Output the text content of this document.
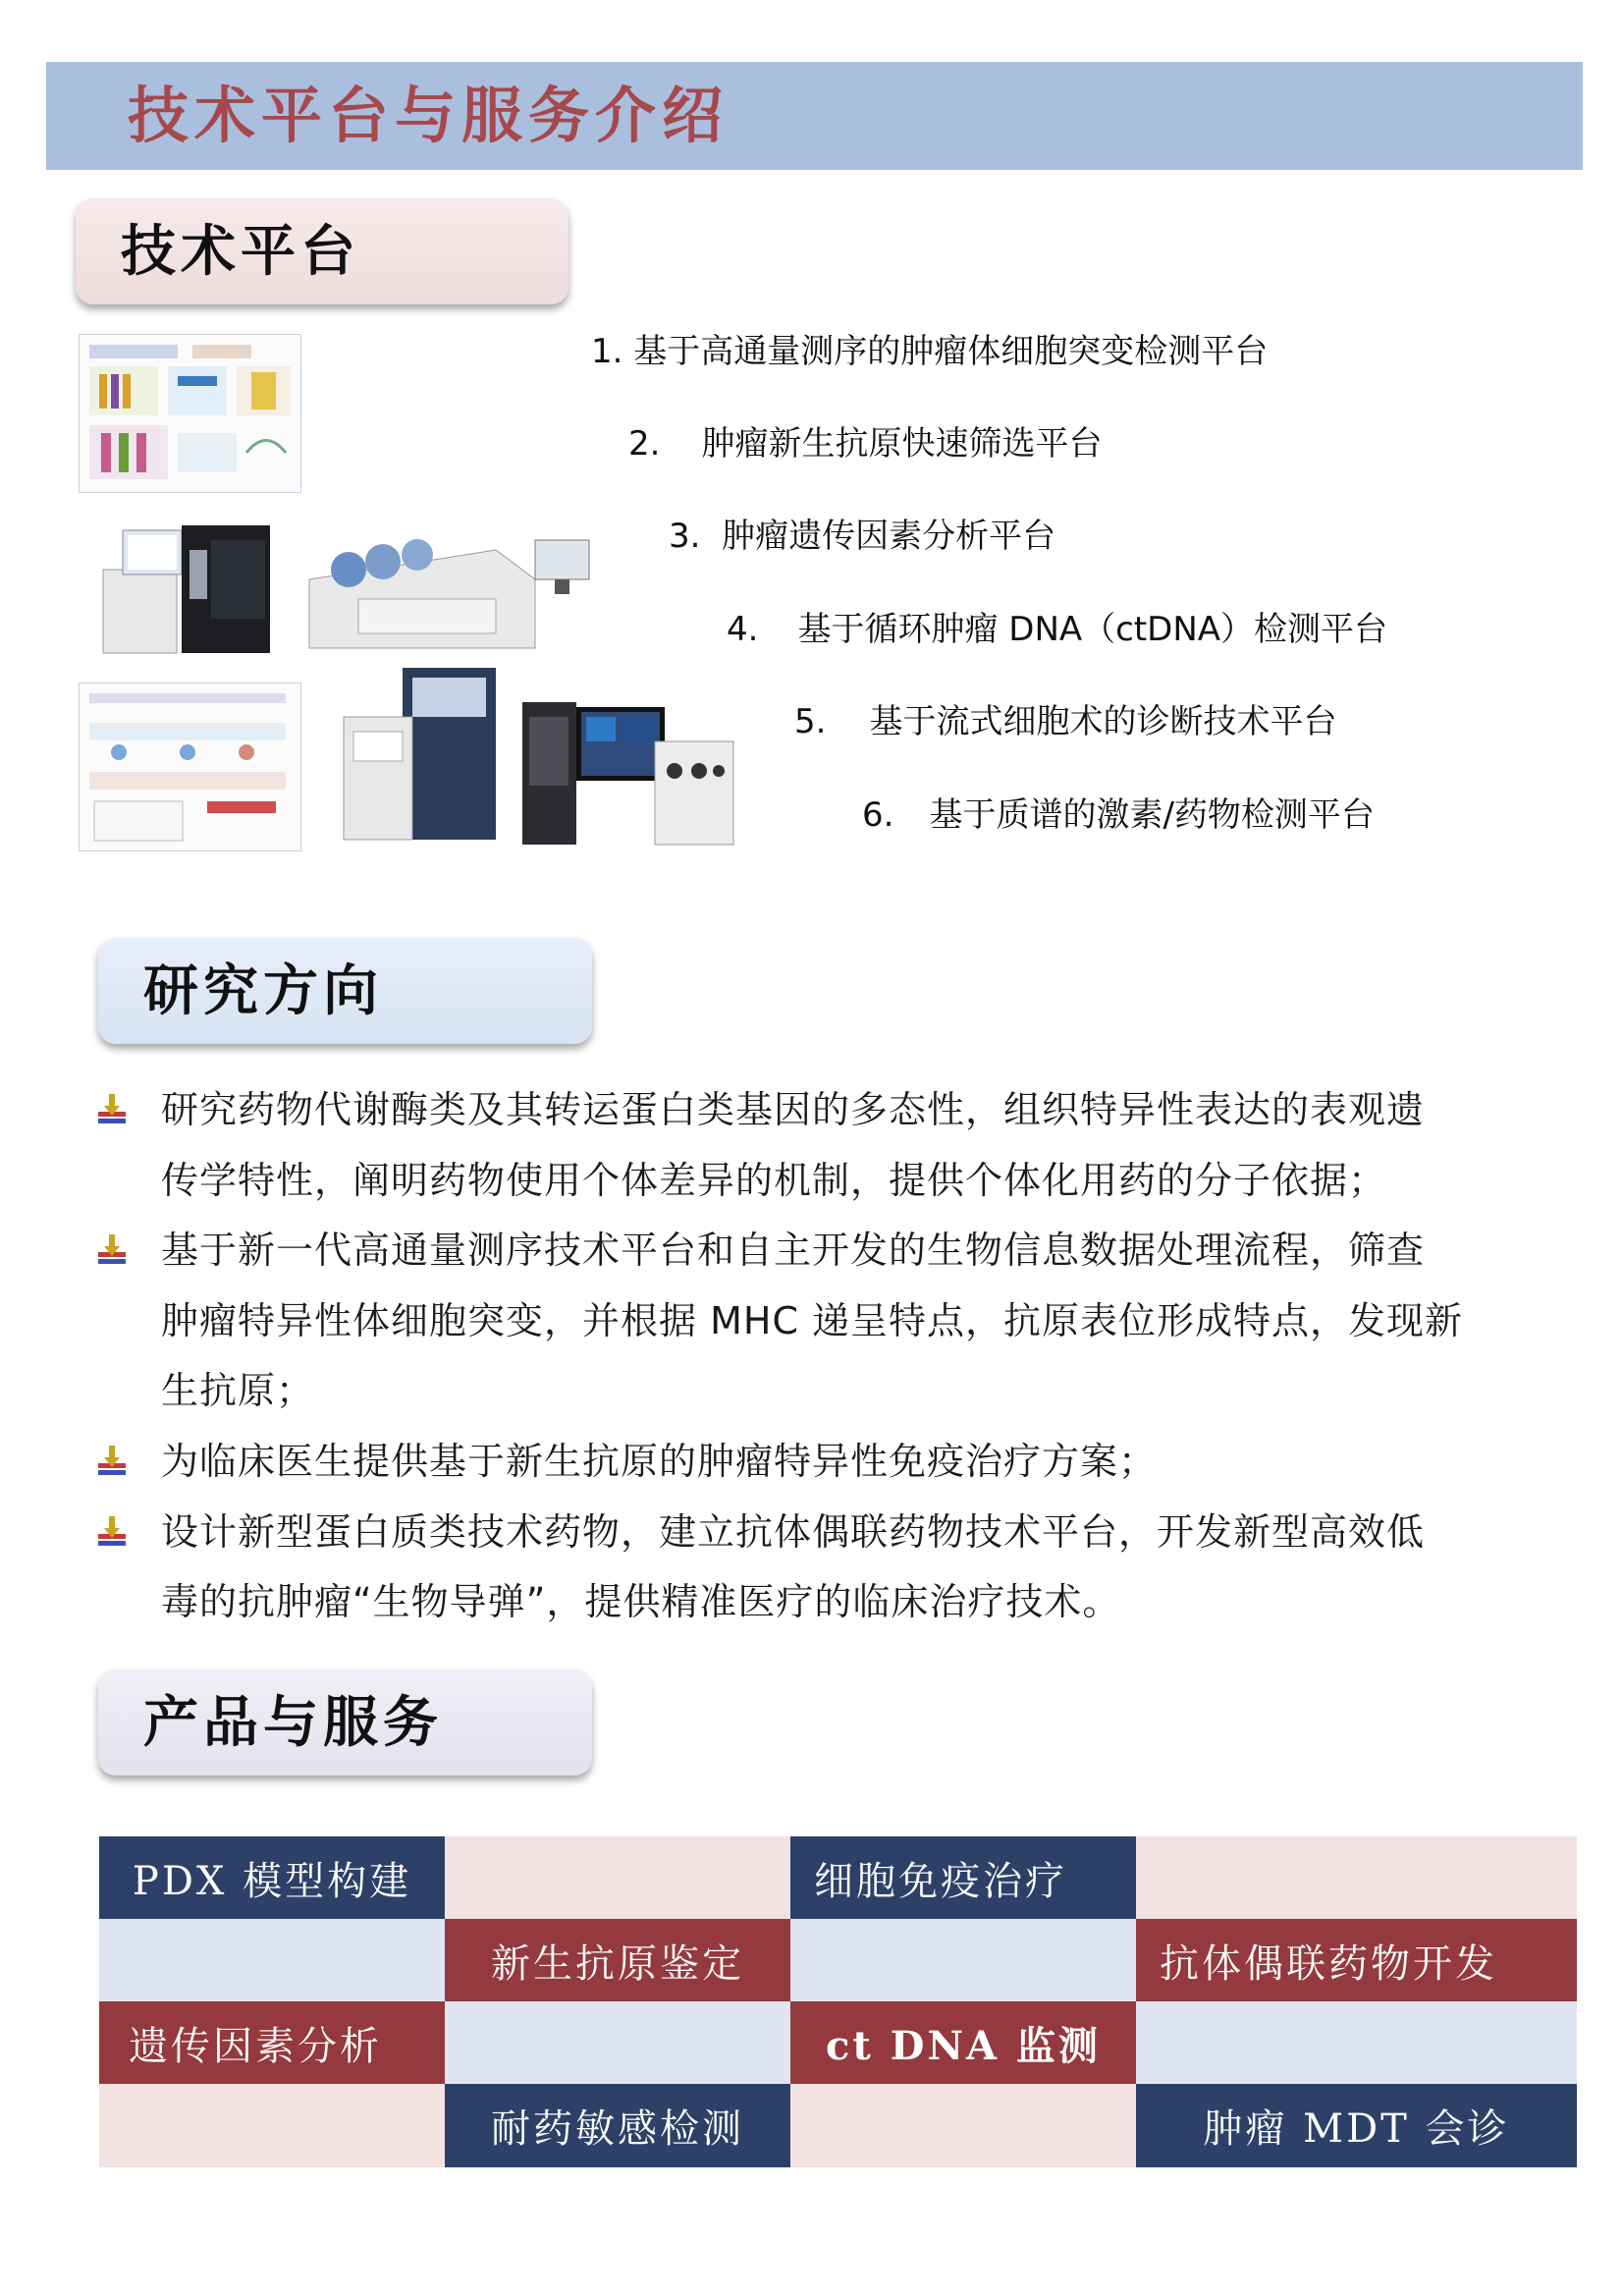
技术平台与服务介绍
技术平台
1. 基于高通量测序的肿瘤体细胞突变检测平台
2. 肿瘤新生抗原快速筛选平台
3. 肿瘤遗传因素分析平台
4. 基于循环肿瘤 DNA（ctDNA）检测平台
5. 基于流式细胞术的诊断技术平台
6. 基于质谱的激素/药物检测平台
研究方向
研究药物代谢酶类及其转运蛋白类基因的多态性，组织特异性表达的表观遗
传学特性，阐明药物使用个体差异的机制，提供个体化用药的分子依据；
基于新一代高通量测序技术平台和自主开发的生物信息数据处理流程，筛查
肿瘤特异性体细胞突变，并根据 MHC 递呈特点，抗原表位形成特点，发现新
生抗原；
为临床医生提供基于新生抗原的肿瘤特异性免疫治疗方案；
设计新型蛋白质类技术药物，建立抗体偶联药物技术平台，开发新型高效低
毒的抗肿瘤“生物导弹”，提供精准医疗的临床治疗技术。
产品与服务
PDX 模型构建	细胞免疫治疗
新生抗原鉴定	抗体偶联药物开发
遗传因素分析	ct DNA 监测
耐药敏感检测	肿瘤 MDT 会诊
